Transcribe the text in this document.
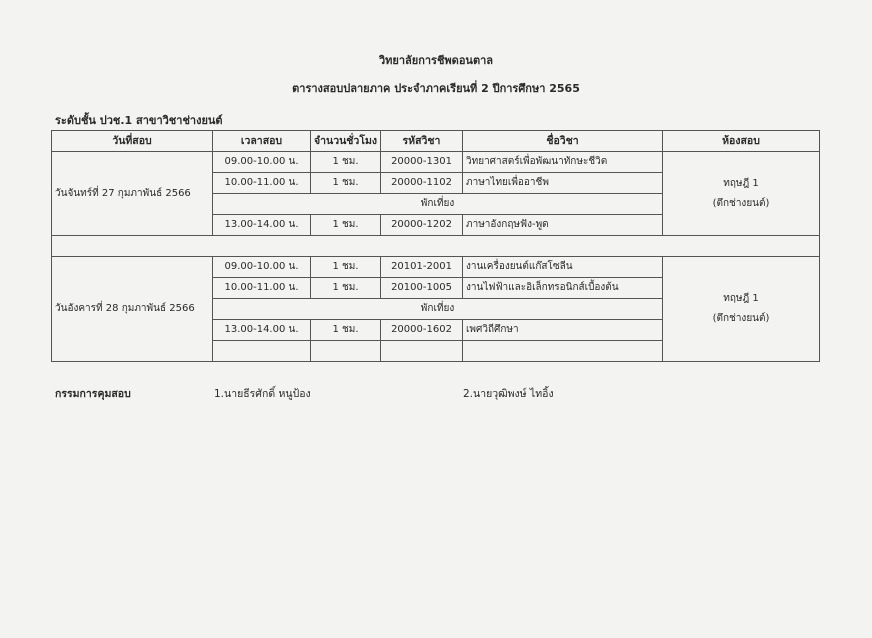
วิทยาลัยการชีพดอนตาล
ตารางสอบปลายภาค ประจำภาคเรียนที่ 2 ปีการศึกษา 2565
ระดับชั้น ปวช.1 สาขาวิชาช่างยนต์
วันที่สอบ	เวลาสอบ	จำนวนชั่วโมง	รหัสวิชา	ชื่อวิชา	ห้องสอบ
วันจันทร์ที่ 27 กุมภาพันธ์ 2566	09.00-10.00 น.	1 ชม.	20000-1301	วิทยาศาสตร์เพื่อพัฒนาทักษะชีวิต	ทฤษฎี 1
(ตึกช่างยนต์)

	10.00-11.00 น.	1 ชม.	20000-1102	ภาษาไทยเพื่ออาชีพ	
	พักเที่ยง				
	13.00-14.00 น.	1 ชม.	20000-1202	ภาษาอังกฤษฟัง-พูด	

วันอังคารที่ 28 กุมภาพันธ์ 2566	09.00-10.00 น.	1 ชม.	20101-2001	งานเครื่องยนต์แก๊สโซลีน	ทฤษฎี 1
(ตึกช่างยนต์)

	10.00-11.00 น.	1 ชม.	20100-1005	งานไฟฟ้าและอิเล็กทรอนิกส์เบื้องต้น	
	พักเที่ยง				
	13.00-14.00 น.	1 ชม.	20000-1602	เพศวิถีศึกษา	

กรรมการคุมสอบ	1.นายธีรศักดิ์ หนูป้อง	2.นายวุฒิพงษ์ ไทอิ้ง
